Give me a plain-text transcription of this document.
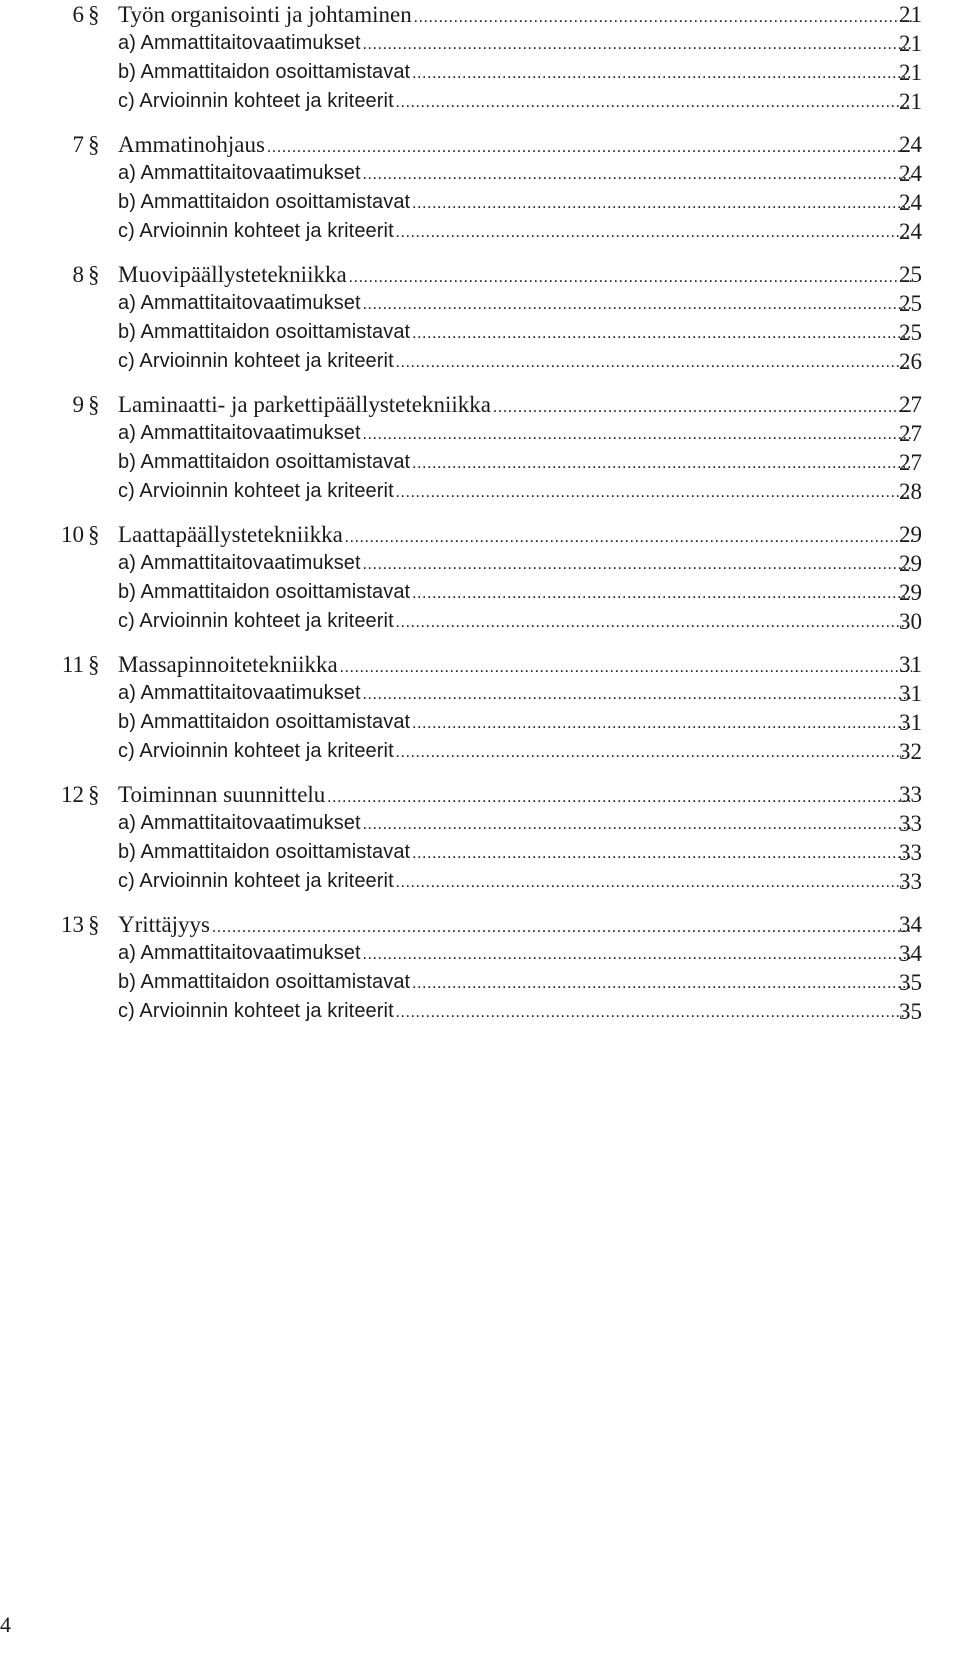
6 § Työn organisointi ja johtaminen .....	21
a) Ammattitaitovaatimukset .....	21
b) Ammattitaidon osoittamistavat .....	21
c) Arvioinnin kohteet ja kriteerit .....	21
7 § Ammatinohjaus .....	24
a) Ammattitaitovaatimukset .....	24
b) Ammattitaidon osoittamistavat .....	24
c) Arvioinnin kohteet ja kriteerit .....	24
8 § Muovipäällystetekniikka .....	25
a) Ammattitaitovaatimukset .....	25
b) Ammattitaidon osoittamistavat .....	25
c) Arvioinnin kohteet ja kriteerit .....	26
9 § Laminaatti- ja parkettipäällystetekniikka .....	27
a) Ammattitaitovaatimukset .....	27
b) Ammattitaidon osoittamistavat .....	27
c) Arvioinnin kohteet ja kriteerit .....	28
10 § Laattapäällystetekniikka .....	29
a) Ammattitaitovaatimukset .....	29
b) Ammattitaidon osoittamistavat .....	29
c) Arvioinnin kohteet ja kriteerit .....	30
11 § Massapinnoitetekniikka .....	31
a) Ammattitaitovaatimukset .....	31
b) Ammattitaidon osoittamistavat .....	31
c) Arvioinnin kohteet ja kriteerit .....	32
12 § Toiminnan suunnittelu .....	33
a) Ammattitaitovaatimukset .....	33
b) Ammattitaidon osoittamistavat .....	33
c) Arvioinnin kohteet ja kriteerit .....	33
13 § Yrittäjyys .....	34
a) Ammattitaitovaatimukset .....	34
b) Ammattitaidon osoittamistavat .....	35
c) Arvioinnin kohteet ja kriteerit .....	35
4
